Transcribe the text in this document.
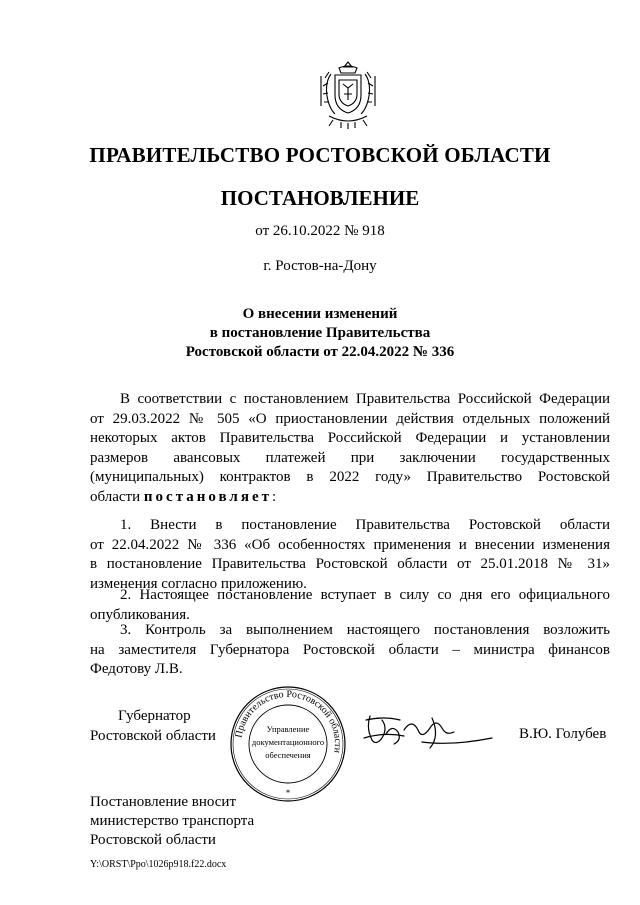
ПРАВИТЕЛЬСТВО РОСТОВСКОЙ ОБЛАСТИ
ПОСТАНОВЛЕНИЕ
от 26.10.2022 № 918
г. Ростов-на-Дону
О внесении изменений
в постановление Правительства
Ростовской области от 22.04.2022 № 336
В соответствии с постановлением Правительства Российской Федерации
от 29.03.2022 № 505 «О приостановлении действия отдельных положений
некоторых актов Правительства Российской Федерации и установлении
размеров авансовых платежей при заключении государственных
(муниципальных) контрактов в 2022 году» Правительство Ростовской
области постановляет:
1. Внести в постановление Правительства Ростовской области
от 22.04.2022 № 336 «Об особенностях применения и внесении изменения
в постановление Правительства Ростовской области от 25.01.2018 № 31»
изменения согласно приложению.
2. Настоящее постановление вступает в силу со дня его официального
опубликования.
3. Контроль за выполнением настоящего постановления возложить
на заместителя Губернатора Ростовской области – министра финансов
Федотову Л.В.
Губернатор
Ростовской области Правительство Ростовской области
Управление
документационного
обеспечения
*
В.Ю. Голубев
Постановление вносит
министерство транспорта
Ростовской области
Y:\ORST\Ppo\1026p918.f22.docx
